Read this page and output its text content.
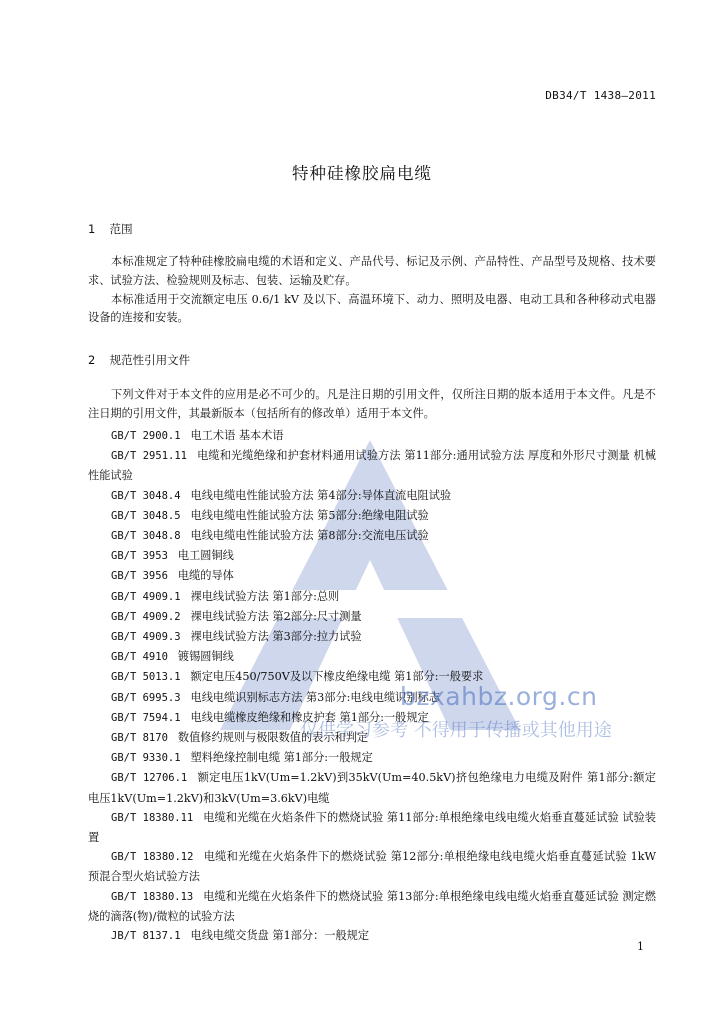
DB34/T 1438—2011
特种硅橡胶扁电缆
1 范围

本标准规定了特种硅橡胶扁电缆的术语和定义、产品代号、标记及示例、产品特性、产品型号及规格、技术要求、试验方法、检验规则及标志、包装、运输及贮存。

本标准适用于交流额定电压 0.6/1 kV 及以下、高温环境下、动力、照明及电器、电动工具和各种移动式电器设备的连接和安装。

2 规范性引用文件

下列文件对于本文件的应用是必不可少的。凡是注日期的引用文件，仅所注日期的版本适用于本文件。凡是不注日期的引用文件，其最新版本（包括所有的修改单）适用于本文件。

GB/T 2900.1 电工术语 基本术语

GB/T 2951.11 电缆和光缆绝缘和护套材料通用试验方法 第11部分:通用试验方法 厚度和外形尺寸测量 机械性能试验

GB/T 3048.4 电线电缆电性能试验方法 第4部分:导体直流电阻试验

GB/T 3048.5 电线电缆电性能试验方法 第5部分:绝缘电阻试验

GB/T 3048.8 电线电缆电性能试验方法 第8部分:交流电压试验

GB/T 3953 电工圆铜线

GB/T 3956 电缆的导体

GB/T 4909.1 裸电线试验方法 第1部分:总则

GB/T 4909.2 裸电线试验方法 第2部分:尺寸测量

GB/T 4909.3 裸电线试验方法 第3部分:拉力试验

GB/T 4910 镀锡圆铜线

GB/T 5013.1 额定电压450/750V及以下橡皮绝缘电缆 第1部分:一般要求

GB/T 6995.3 电线电缆识别标志方法 第3部分:电线电缆识别标志

GB/T 7594.1 电线电缆橡皮绝缘和橡皮护套 第1部分:一般规定

GB/T 8170 数值修约规则与极限数值的表示和判定

GB/T 9330.1 塑料绝缘控制电缆 第1部分:一般规定

GB/T 12706.1 额定电压1kV(Um=1.2kV)到35kV(Um=40.5kV)挤包绝缘电力电缆及附件 第1部分:额定电压1kV(Um=1.2kV)和3kV(Um=3.6kV)电缆

GB/T 18380.11 电缆和光缆在火焰条件下的燃烧试验 第11部分:单根绝缘电线电缆火焰垂直蔓延试验 试验装置

GB/T 18380.12 电缆和光缆在火焰条件下的燃烧试验 第12部分:单根绝缘电线电缆火焰垂直蔓延试验 1kW预混合型火焰试验方法

GB/T 18380.13 电缆和光缆在火焰条件下的燃烧试验 第13部分:单根绝缘电线电缆火焰垂直蔓延试验 测定燃烧的滴落(物)/微粒的试验方法

JB/T 8137.1 电线电缆交货盘 第1部分：一般规定

bzxahbz.org.cn
仅供学习参考 不得用于传播或其他用途
1
